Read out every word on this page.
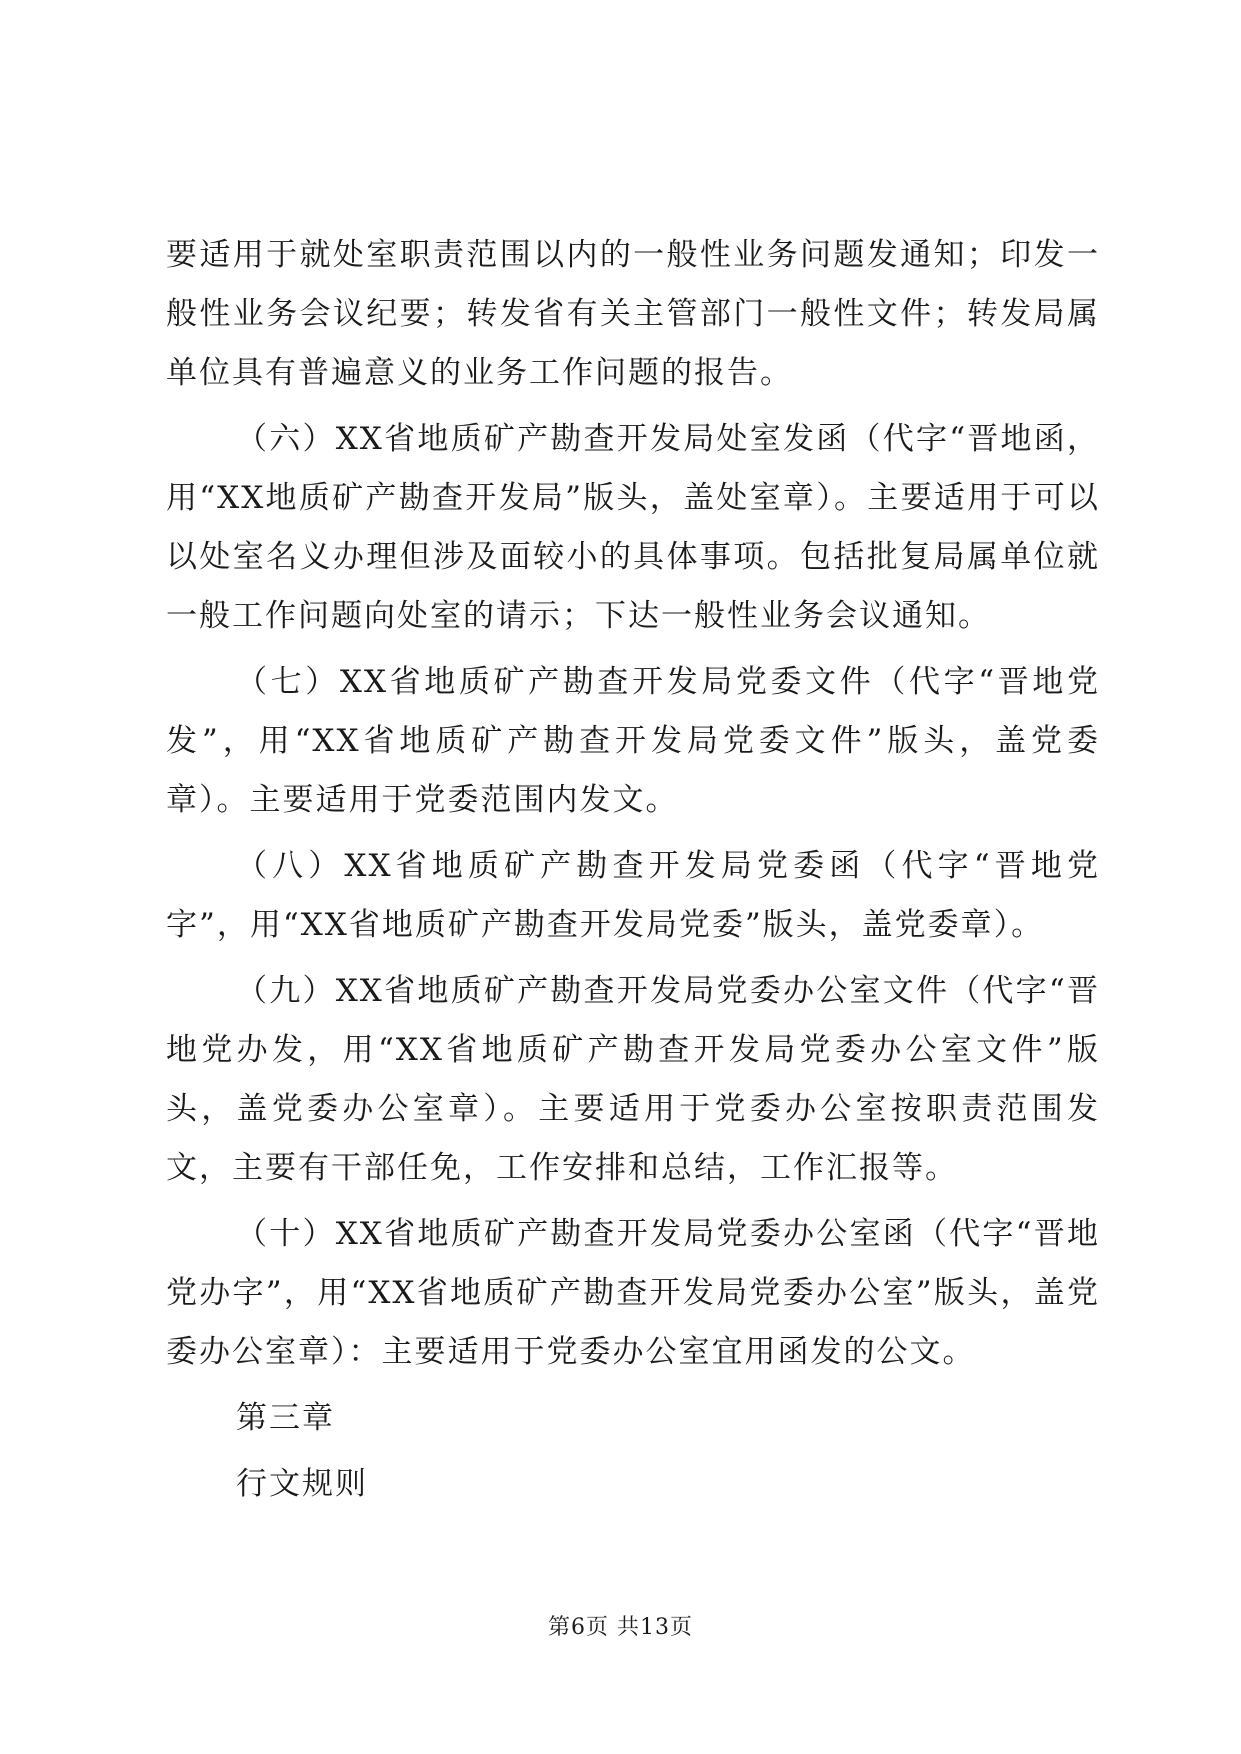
要适用于就处室职责范围以内的一般性业务问题发通知；印发一般性业务会议纪要；转发省有关主管部门一般性文件；转发局属单位具有普遍意义的业务工作问题的报告。

（六）XX省地质矿产勘查开发局处室发函（代字“晋地函，用“XX地质矿产勘查开发局”版头，盖处室章）。主要适用于可以以处室名义办理但涉及面较小的具体事项。包括批复局属单位就一般工作问题向处室的请示；下达一般性业务会议通知。

（七）XX省地质矿产勘查开发局党委文件（代字“晋地党发”，用“XX省地质矿产勘查开发局党委文件”版头，盖党委章）。主要适用于党委范围内发文。

（八）XX省地质矿产勘查开发局党委函（代字“晋地党字”，用“XX省地质矿产勘查开发局党委”版头，盖党委章）。

（九）XX省地质矿产勘查开发局党委办公室文件（代字“晋地党办发，用“XX省地质矿产勘查开发局党委办公室文件”版头，盖党委办公室章）。主要适用于党委办公室按职责范围发文，主要有干部任免，工作安排和总结，工作汇报等。

（十）XX省地质矿产勘查开发局党委办公室函（代字“晋地党办字”，用“XX省地质矿产勘查开发局党委办公室”版头，盖党委办公室章）：主要适用于党委办公室宜用函发的公文。

第三章

行文规则

第6页 共13页
